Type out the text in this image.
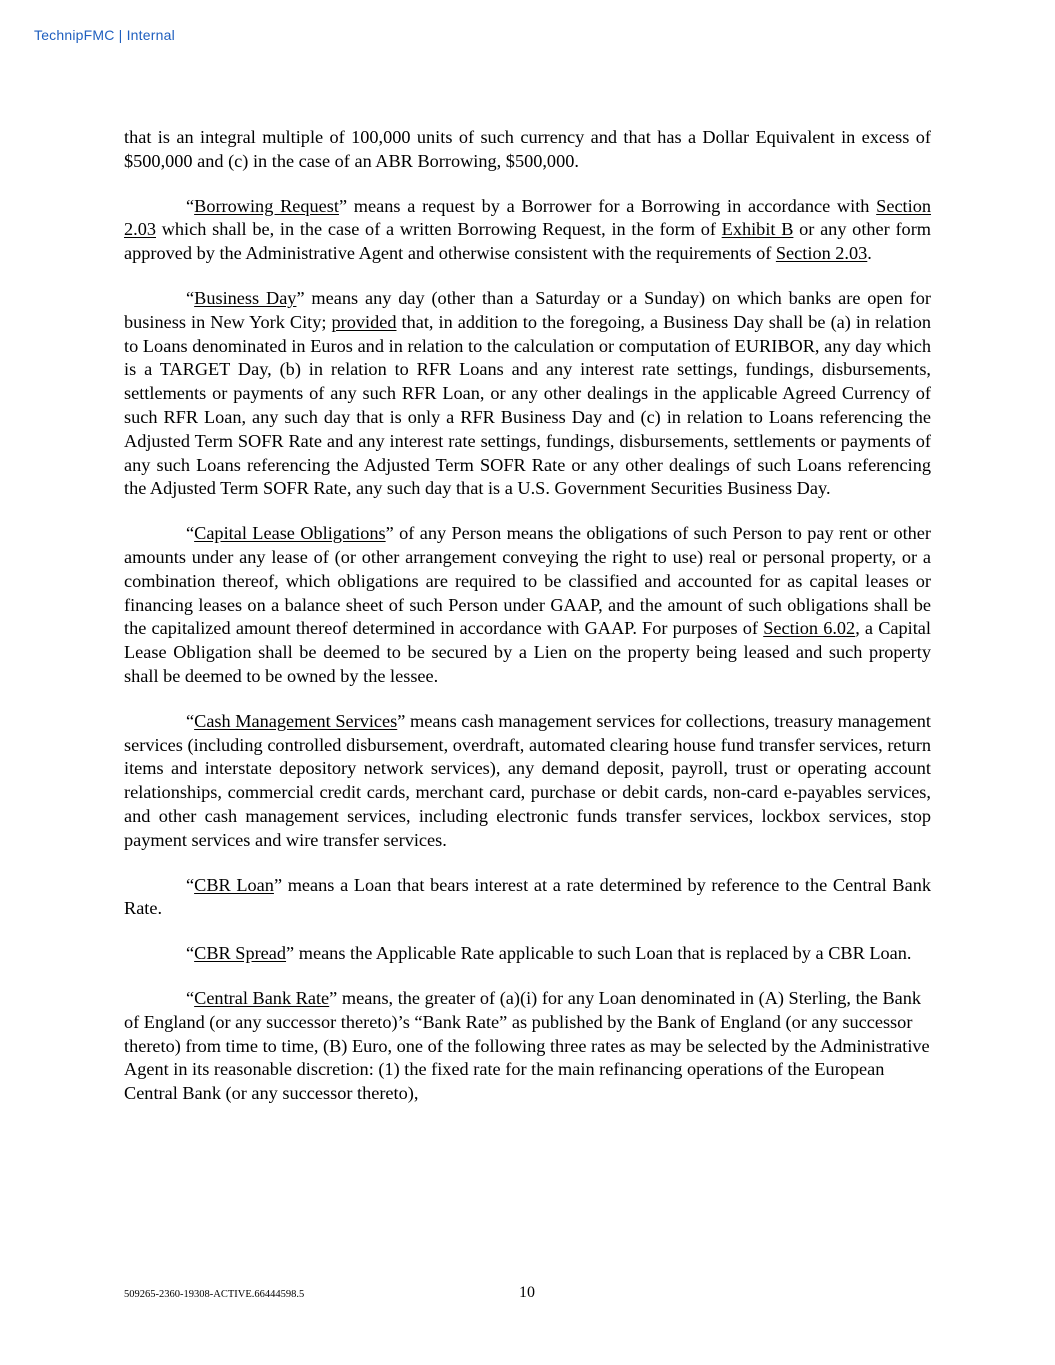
TechnipFMC | Internal

that is an integral multiple of 100,000 units of such currency and that has a Dollar Equivalent in excess of $500,000 and (c) in the case of an ABR Borrowing, $500,000.

“Borrowing Request” means a request by a Borrower for a Borrowing in accordance with Section 2.03 which shall be, in the case of a written Borrowing Request, in the form of Exhibit B or any other form approved by the Administrative Agent and otherwise consistent with the requirements of Section 2.03.

“Business Day” means any day (other than a Saturday or a Sunday) on which banks are open for business in New York City; provided that, in addition to the foregoing, a Business Day shall be (a) in relation to Loans denominated in Euros and in relation to the calculation or computation of EURIBOR, any day which is a TARGET Day, (b) in relation to RFR Loans and any interest rate settings, fundings, disbursements, settlements or payments of any such RFR Loan, or any other dealings in the applicable Agreed Currency of such RFR Loan, any such day that is only a RFR Business Day and (c) in relation to Loans referencing the Adjusted Term SOFR Rate and any interest rate settings, fundings, disbursements, settlements or payments of any such Loans referencing the Adjusted Term SOFR Rate or any other dealings of such Loans referencing the Adjusted Term SOFR Rate, any such day that is a U.S. Government Securities Business Day.

“Capital Lease Obligations” of any Person means the obligations of such Person to pay rent or other amounts under any lease of (or other arrangement conveying the right to use) real or personal property, or a combination thereof, which obligations are required to be classified and accounted for as capital leases or financing leases on a balance sheet of such Person under GAAP, and the amount of such obligations shall be the capitalized amount thereof determined in accordance with GAAP. For purposes of Section 6.02, a Capital Lease Obligation shall be deemed to be secured by a Lien on the property being leased and such property shall be deemed to be owned by the lessee.

“Cash Management Services” means cash management services for collections, treasury management services (including controlled disbursement, overdraft, automated clearing house fund transfer services, return items and interstate depository network services), any demand deposit, payroll, trust or operating account relationships, commercial credit cards, merchant card, purchase or debit cards, non-card e-payables services, and other cash management services, including electronic funds transfer services, lockbox services, stop payment services and wire transfer services.

“CBR Loan” means a Loan that bears interest at a rate determined by reference to the Central Bank Rate.

“CBR Spread” means the Applicable Rate applicable to such Loan that is replaced by a CBR Loan.

“Central Bank Rate” means, the greater of (a)(i) for any Loan denominated in (A) Sterling, the Bank of England (or any successor thereto)’s “Bank Rate” as published by the Bank of England (or any successor thereto) from time to time, (B) Euro, one of the following three rates as may be selected by the Administrative Agent in its reasonable discretion: (1) the fixed rate for the main refinancing operations of the European Central Bank (or any successor thereto),

509265-2360-19308-ACTIVE.66444598.5	10
